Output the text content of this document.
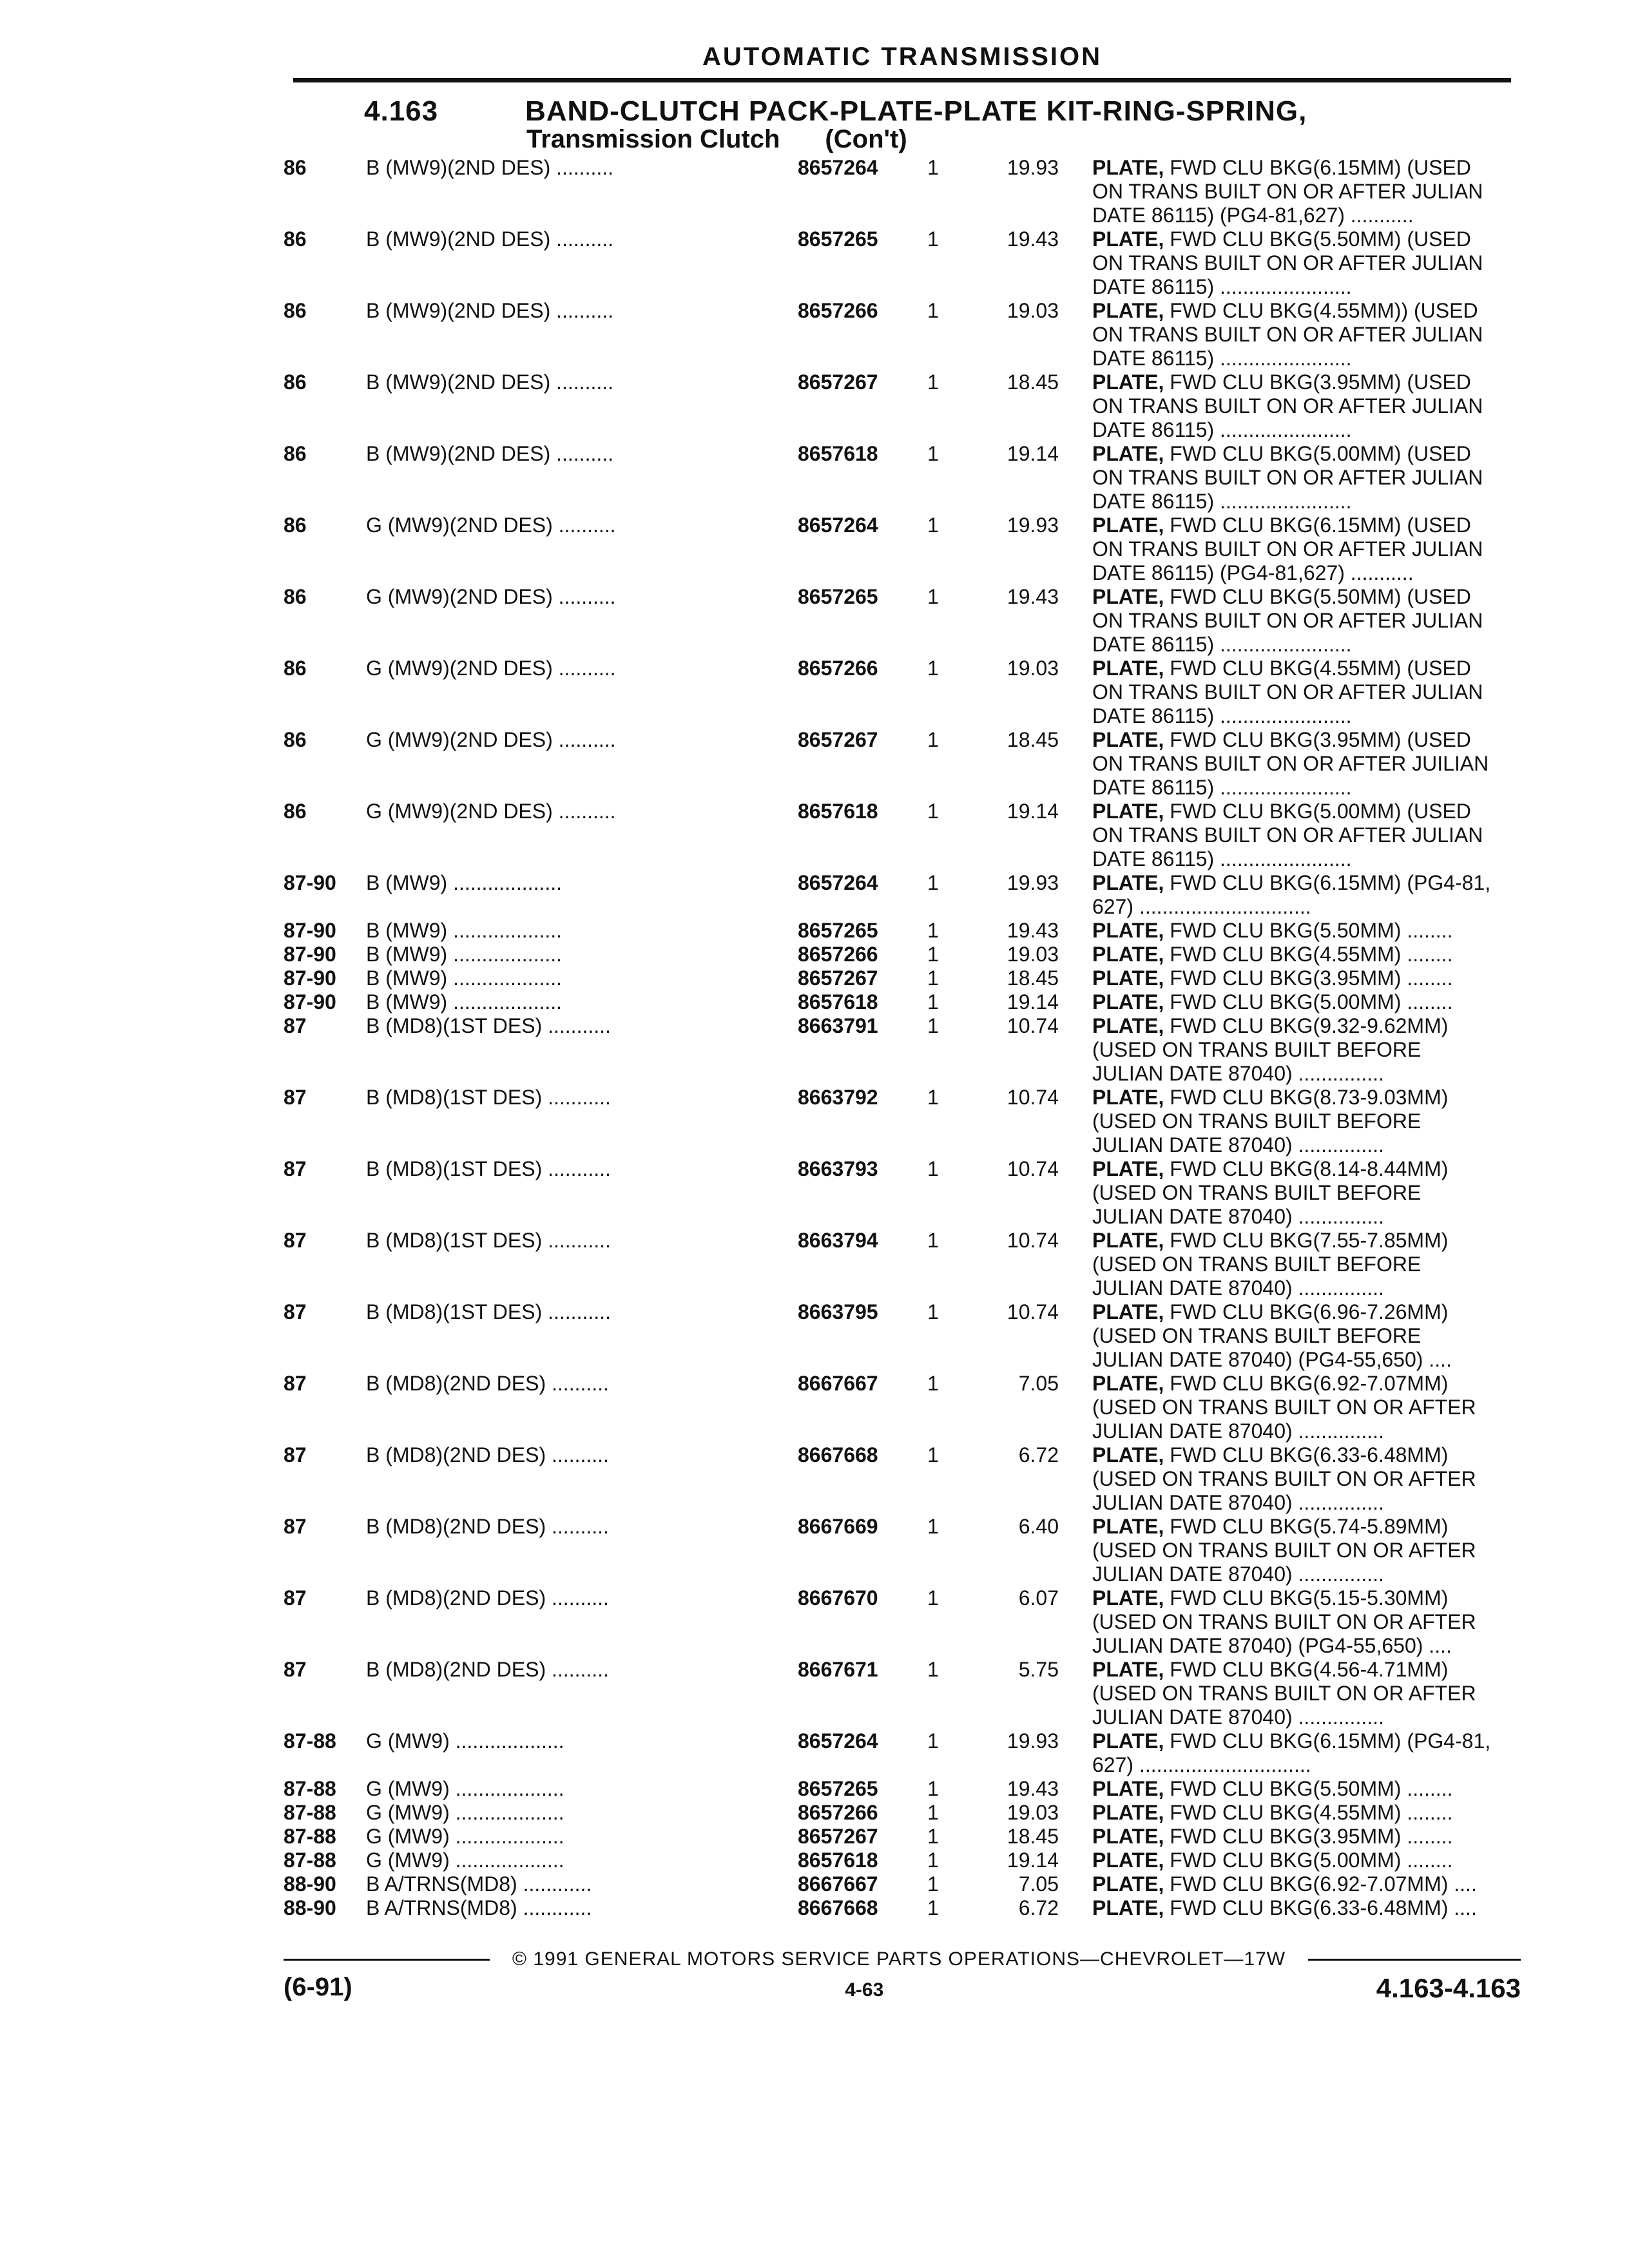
AUTOMATIC TRANSMISSION
4.163	BAND-CLUTCH PACK-PLATE-PLATE KIT-RING-SPRING,
Transmission Clutch (Con't)
86	B (MW9)(2ND DES) ..........	8657264	1	19.93	PLATE, FWD CLU BKG(6.15MM) (USED
ON TRANS BUILT ON OR AFTER JULIAN
DATE 86115) (PG4-81,627) ...........
86	B (MW9)(2ND DES) ..........	8657265	1	19.43	PLATE, FWD CLU BKG(5.50MM) (USED
ON TRANS BUILT ON OR AFTER JULIAN
DATE 86115) .......................
86	B (MW9)(2ND DES) ..........	8657266	1	19.03	PLATE, FWD CLU BKG(4.55MM)) (USED
ON TRANS BUILT ON OR AFTER JULIAN
DATE 86115) .......................
86	B (MW9)(2ND DES) ..........	8657267	1	18.45	PLATE, FWD CLU BKG(3.95MM) (USED
ON TRANS BUILT ON OR AFTER JULIAN
DATE 86115) .......................
86	B (MW9)(2ND DES) ..........	8657618	1	19.14	PLATE, FWD CLU BKG(5.00MM) (USED
ON TRANS BUILT ON OR AFTER JULIAN
DATE 86115) .......................
86	G (MW9)(2ND DES) ..........	8657264	1	19.93	PLATE, FWD CLU BKG(6.15MM) (USED
ON TRANS BUILT ON OR AFTER JULIAN
DATE 86115) (PG4-81,627) ...........
86	G (MW9)(2ND DES) ..........	8657265	1	19.43	PLATE, FWD CLU BKG(5.50MM) (USED
ON TRANS BUILT ON OR AFTER JULIAN
DATE 86115) .......................
86	G (MW9)(2ND DES) ..........	8657266	1	19.03	PLATE, FWD CLU BKG(4.55MM) (USED
ON TRANS BUILT ON OR AFTER JULIAN
DATE 86115) .......................
86	G (MW9)(2ND DES) ..........	8657267	1	18.45	PLATE, FWD CLU BKG(3.95MM) (USED
ON TRANS BUILT ON OR AFTER JUILIAN
DATE 86115) .......................
86	G (MW9)(2ND DES) ..........	8657618	1	19.14	PLATE, FWD CLU BKG(5.00MM) (USED
ON TRANS BUILT ON OR AFTER JULIAN
DATE 86115) .......................
87-90	B (MW9) ...................	8657264	1	19.93	PLATE, FWD CLU BKG(6.15MM) (PG4-81,
627) ..............................
87-90	B (MW9) ...................	8657265	1	19.43	PLATE, FWD CLU BKG(5.50MM) ........
87-90	B (MW9) ...................	8657266	1	19.03	PLATE, FWD CLU BKG(4.55MM) ........
87-90	B (MW9) ...................	8657267	1	18.45	PLATE, FWD CLU BKG(3.95MM) ........
87-90	B (MW9) ...................	8657618	1	19.14	PLATE, FWD CLU BKG(5.00MM) ........
87	B (MD8)(1ST DES) ...........	8663791	1	10.74	PLATE, FWD CLU BKG(9.32-9.62MM)
(USED ON TRANS BUILT BEFORE
JULIAN DATE 87040) ...............
87	B (MD8)(1ST DES) ...........	8663792	1	10.74	PLATE, FWD CLU BKG(8.73-9.03MM)
(USED ON TRANS BUILT BEFORE
JULIAN DATE 87040) ...............
87	B (MD8)(1ST DES) ...........	8663793	1	10.74	PLATE, FWD CLU BKG(8.14-8.44MM)
(USED ON TRANS BUILT BEFORE
JULIAN DATE 87040) ...............
87	B (MD8)(1ST DES) ...........	8663794	1	10.74	PLATE, FWD CLU BKG(7.55-7.85MM)
(USED ON TRANS BUILT BEFORE
JULIAN DATE 87040) ...............
87	B (MD8)(1ST DES) ...........	8663795	1	10.74	PLATE, FWD CLU BKG(6.96-7.26MM)
(USED ON TRANS BUILT BEFORE
JULIAN DATE 87040) (PG4-55,650) ....
87	B (MD8)(2ND DES) ..........	8667667	1	7.05	PLATE, FWD CLU BKG(6.92-7.07MM)
(USED ON TRANS BUILT ON OR AFTER
JULIAN DATE 87040) ...............
87	B (MD8)(2ND DES) ..........	8667668	1	6.72	PLATE, FWD CLU BKG(6.33-6.48MM)
(USED ON TRANS BUILT ON OR AFTER
JULIAN DATE 87040) ...............
87	B (MD8)(2ND DES) ..........	8667669	1	6.40	PLATE, FWD CLU BKG(5.74-5.89MM)
(USED ON TRANS BUILT ON OR AFTER
JULIAN DATE 87040) ...............
87	B (MD8)(2ND DES) ..........	8667670	1	6.07	PLATE, FWD CLU BKG(5.15-5.30MM)
(USED ON TRANS BUILT ON OR AFTER
JULIAN DATE 87040) (PG4-55,650) ....
87	B (MD8)(2ND DES) ..........	8667671	1	5.75	PLATE, FWD CLU BKG(4.56-4.71MM)
(USED ON TRANS BUILT ON OR AFTER
JULIAN DATE 87040) ...............
87-88	G (MW9) ...................	8657264	1	19.93	PLATE, FWD CLU BKG(6.15MM) (PG4-81,
627) ..............................
87-88	G (MW9) ...................	8657265	1	19.43	PLATE, FWD CLU BKG(5.50MM) ........
87-88	G (MW9) ...................	8657266	1	19.03	PLATE, FWD CLU BKG(4.55MM) ........
87-88	G (MW9) ...................	8657267	1	18.45	PLATE, FWD CLU BKG(3.95MM) ........
87-88	G (MW9) ...................	8657618	1	19.14	PLATE, FWD CLU BKG(5.00MM) ........
88-90	B A/TRNS(MD8) ............	8667667	1	7.05	PLATE, FWD CLU BKG(6.92-7.07MM) ....
88-90	B A/TRNS(MD8) ............	8667668	1	6.72	PLATE, FWD CLU BKG(6.33-6.48MM) ....
© 1991 GENERAL MOTORS SERVICE PARTS OPERATIONS—CHEVROLET—17W
(6-91)	4-63	4.163-4.163
